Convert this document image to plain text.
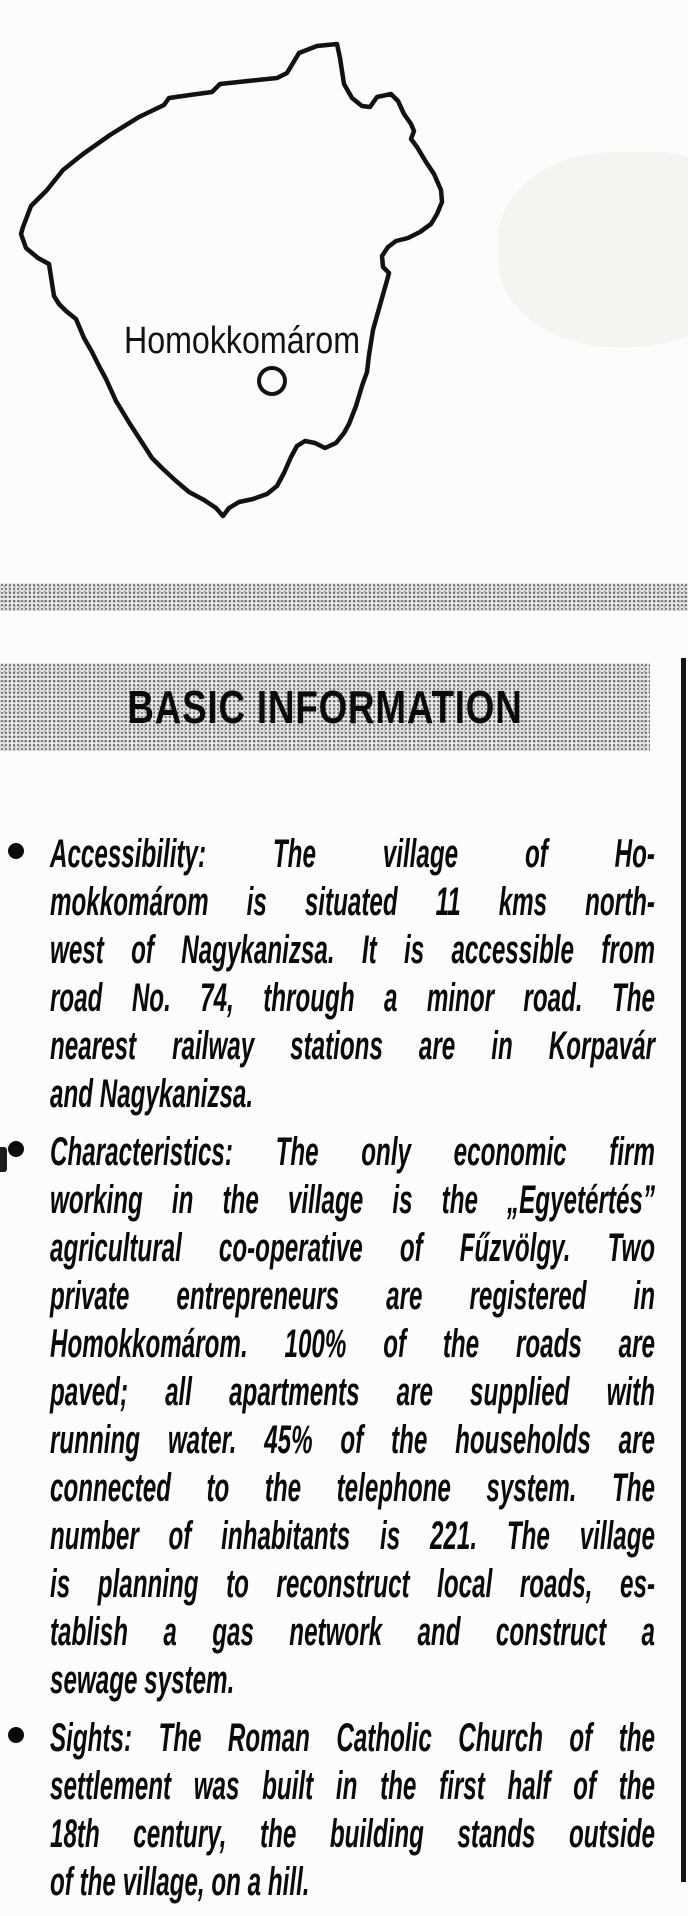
Homokkomárom
BASIC INFORMATION
Accessibility: The village of Ho-
mokkomárom is situated 11 kms north-
west of Nagykanizsa. It is accessible from
road No. 74, through a minor road. The
nearest railway stations are in Korpavár
and Nagykanizsa.
Characteristics: The only economic firm
working in the village is the „Egyetértés”
agricultural co-operative of Fűzvölgy. Two
private entrepreneurs are registered in
Homokkomárom. 100% of the roads are
paved; all apartments are supplied with
running water. 45% of the households are
connected to the telephone system. The
number of inhabitants is 221. The village
is planning to reconstruct local roads, es-
tablish a gas network and construct a
sewage system.
Sights: The Roman Catholic Church of the
settlement was built in the first half of the
18th century, the building stands outside
of the village, on a hill.
